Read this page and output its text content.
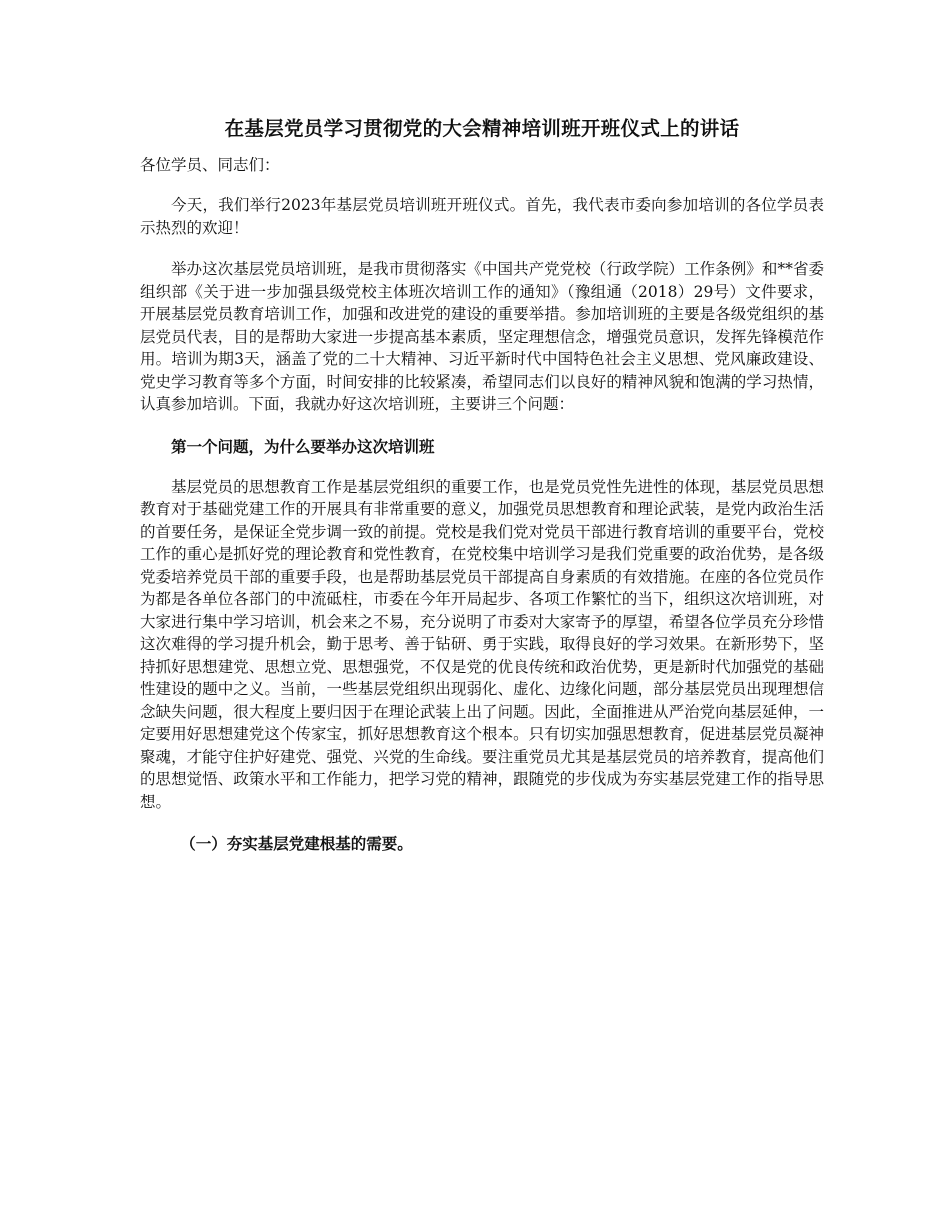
在基层党员学习贯彻党的大会精神培训班开班仪式上的讲话

各位学员、同志们：

今天，我们举行2023年基层党员培训班开班仪式。首先，我代表市委向参加培训的各位学员表示热烈的欢迎！

举办这次基层党员培训班，是我市贯彻落实《中国共产党党校（行政学院）工作条例》和**省委组织部《关于进一步加强县级党校主体班次培训工作的通知》（豫组通（2018）29号）文件要求，开展基层党员教育培训工作，加强和改进党的建设的重要举措。参加培训班的主要是各级党组织的基层党员代表，目的是帮助大家进一步提高基本素质，坚定理想信念，增强党员意识，发挥先锋模范作用。培训为期3天，涵盖了党的二十大精神、习近平新时代中国特色社会主义思想、党风廉政建设、党史学习教育等多个方面，时间安排的比较紧凑，希望同志们以良好的精神风貌和饱满的学习热情，认真参加培训。下面，我就办好这次培训班，主要讲三个问题：

第一个问题，为什么要举办这次培训班

基层党员的思想教育工作是基层党组织的重要工作，也是党员党性先进性的体现，基层党员思想教育对于基础党建工作的开展具有非常重要的意义，加强党员思想教育和理论武装，是党内政治生活的首要任务，是保证全党步调一致的前提。党校是我们党对党员干部进行教育培训的重要平台，党校工作的重心是抓好党的理论教育和党性教育，在党校集中培训学习是我们党重要的政治优势，是各级党委培养党员干部的重要手段，也是帮助基层党员干部提高自身素质的有效措施。在座的各位党员作为都是各单位各部门的中流砥柱，市委在今年开局起步、各项工作繁忙的当下，组织这次培训班，对大家进行集中学习培训，机会来之不易，充分说明了市委对大家寄予的厚望，希望各位学员充分珍惜这次难得的学习提升机会，勤于思考、善于钻研、勇于实践，取得良好的学习效果。在新形势下，坚持抓好思想建党、思想立党、思想强党，不仅是党的优良传统和政治优势，更是新时代加强党的基础性建设的题中之义。当前，一些基层党组织出现弱化、虚化、边缘化问题，部分基层党员出现理想信念缺失问题，很大程度上要归因于在理论武装上出了问题。因此，全面推进从严治党向基层延伸，一定要用好思想建党这个传家宝，抓好思想教育这个根本。只有切实加强思想教育，促进基层党员凝神聚魂，才能守住护好建党、强党、兴党的生命线。要注重党员尤其是基层党员的培养教育，提高他们的思想觉悟、政策水平和工作能力，把学习党的精神，跟随党的步伐成为夯实基层党建工作的指导思想。

（一）夯实基层党建根基的需要。
